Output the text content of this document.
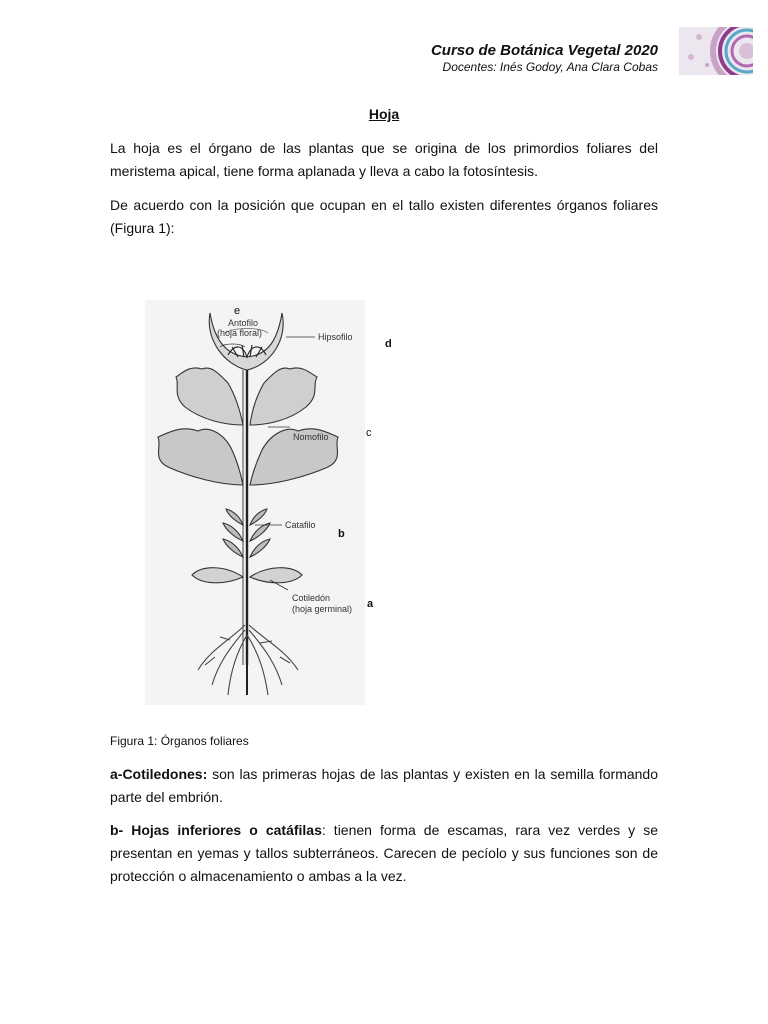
Curso de Botánica Vegetal 2020
Docentes: Inés Godoy, Ana Clara Cobas
Hoja

La hoja es el órgano de las plantas que se origina de los primordios foliares del meristema apical, tiene forma aplanada y lleva a cabo la fotosíntesis.

De acuerdo con la posición que ocupan en el tallo existen diferentes órganos foliares (Figura 1):

e
Antofilo
(hoja floral)	Hipsofilo
d
Nomofilo	c
Catafilo
b
Cotiledón
(hoja germinal) a
Figura 1: Órganos foliares

a-Cotiledones: son las primeras hojas de las plantas y existen en la semilla formando parte del embrión.

b- Hojas inferiores o catáfilas: tienen forma de escamas, rara vez verdes y se presentan en yemas y tallos subterráneos. Carecen de pecíolo y sus funciones son de protección o almacenamiento o ambas a la vez.
